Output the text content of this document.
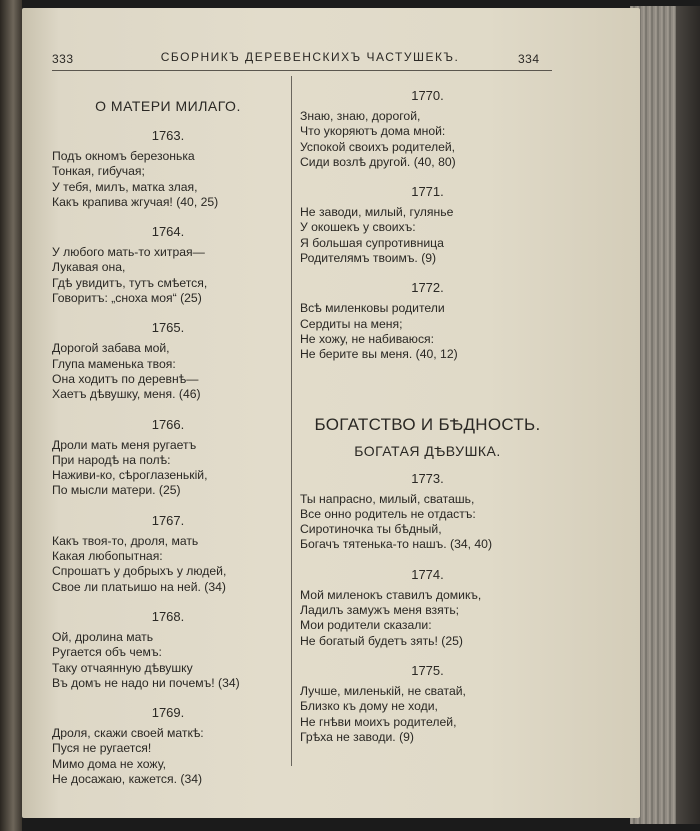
333	СБОРНИКЪ ДЕРЕВЕНСКИХЪ ЧАСТУШЕКЪ.	334
О МАТЕРИ МИЛАГО.
1763.
Подъ окномъ березонька
Тонкая, гибучая;
У тебя, милъ, матка злая,
Какъ крапива жгучая! (40, 25)
1764.
У любого мать-то хитрая—
Лукавая она,
Гдѣ увидитъ, тутъ смѣется,
Говоритъ: „сноха моя“ (25)
1765.
Дорогой забава мой,
Глупа маменька твоя:
Она ходитъ по деревнѣ—
Хаетъ дѣвушку, меня. (46)
1766.
Дроли мать меня ругаетъ
При народѣ на полѣ:
Наживи-ко, сѣроглазенькій,
По мысли матери. (25)
1767.
Какъ твоя-то, дроля, мать
Какая любопытная:
Спрошатъ у добрыхъ у людей,
Свое ли платьишо на ней. (34)
1768.
Ой, дролина мать
Ругается объ чемъ:
Таку отчаянную дѣвушку
Въ домъ не надо ни почемъ! (34)
1769.
Дроля, скажи своей маткѣ:
Пуся не ругается!
Мимо дома не хожу,
Не досажаю, кажется. (34)
1770.
Знаю, знаю, дорогой,
Что укоряютъ дома мной:
Успокой своихъ родителей,
Сиди возлѣ другой. (40, 80)
1771.
Не заводи, милый, гулянье
У окошекъ у своихъ:
Я большая супротивница
Родителямъ твоимъ. (9)
1772.
Всѣ миленковы родители
Сердиты на меня;
Не хожу, не набиваюся:
Не берите вы меня. (40, 12)
БОГАТСТВО И БѢДНОСТЬ.
БОГАТАЯ ДѢВУШКА.
1773.
Ты напрасно, милый, сваташь,
Все онно родитель не отдастъ:
Сиротиночка ты бѣдный,
Богачъ тятенька-то нашъ. (34, 40)
1774.
Мой миленокъ ставилъ домикъ,
Ладилъ замужъ меня взять;
Мои родители сказали:
Не богатый будетъ зять! (25)
1775.
Лучше, миленькій, не сватай,
Близко къ дому не ходи,
Не гнѣви моихъ родителей,
Грѣха не заводи. (9)
